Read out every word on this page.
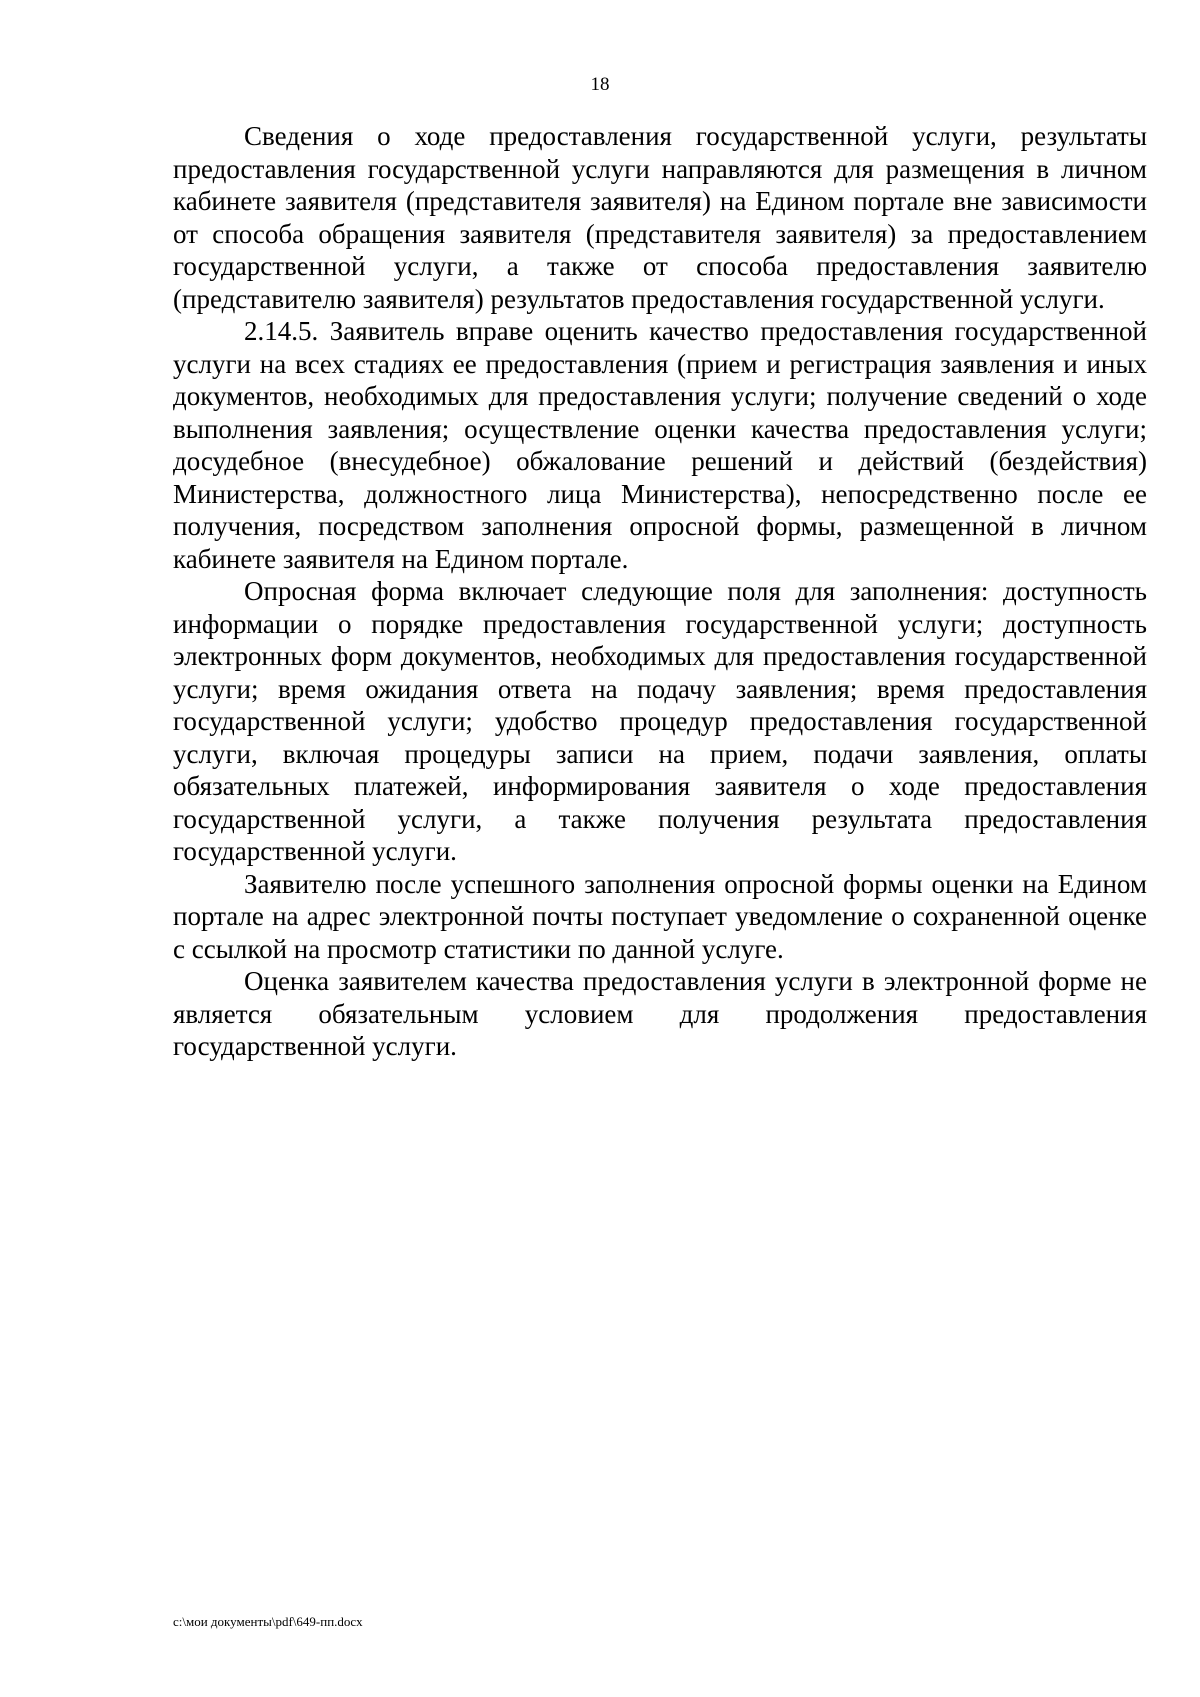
18

Сведения о ходе предоставления государственной услуги, результаты предоставления государственной услуги направляются для размещения в личном кабинете заявителя (представителя заявителя) на Едином портале вне зависимости от способа обращения заявителя (представителя заявителя) за предоставлением государственной услуги, а также от способа предоставления заявителю (представителю заявителя) результатов предоставления государственной услуги.

2.14.5. Заявитель вправе оценить качество предоставления государственной услуги на всех стадиях ее предоставления (прием и регистрация заявления и иных документов, необходимых для предоставления услуги; получение сведений о ходе выполнения заявления; осуществление оценки качества предоставления услуги; досудебное (внесудебное) обжалование решений и действий (бездействия) Министерства, должностного лица Министерства), непосредственно после ее получения, посредством заполнения опросной формы, размещенной в личном кабинете заявителя на Едином портале.

Опросная форма включает следующие поля для заполнения: доступность информации о порядке предоставления государственной услуги; доступность электронных форм документов, необходимых для предоставления государственной услуги; время ожидания ответа на подачу заявления; время предоставления государственной услуги; удобство процедур предоставления государственной услуги, включая процедуры записи на прием, подачи заявления, оплаты обязательных платежей, информирования заявителя о ходе предоставления государственной услуги, а также получения результата предоставления государственной услуги.

Заявителю после успешного заполнения опросной формы оценки на Едином портале на адрес электронной почты поступает уведомление о сохраненной оценке с ссылкой на просмотр статистики по данной услуге.

Оценка заявителем качества предоставления услуги в электронной форме не является обязательным условием для продолжения предоставления государственной услуги.

c:\мои документы\pdf\649-пп.docx
